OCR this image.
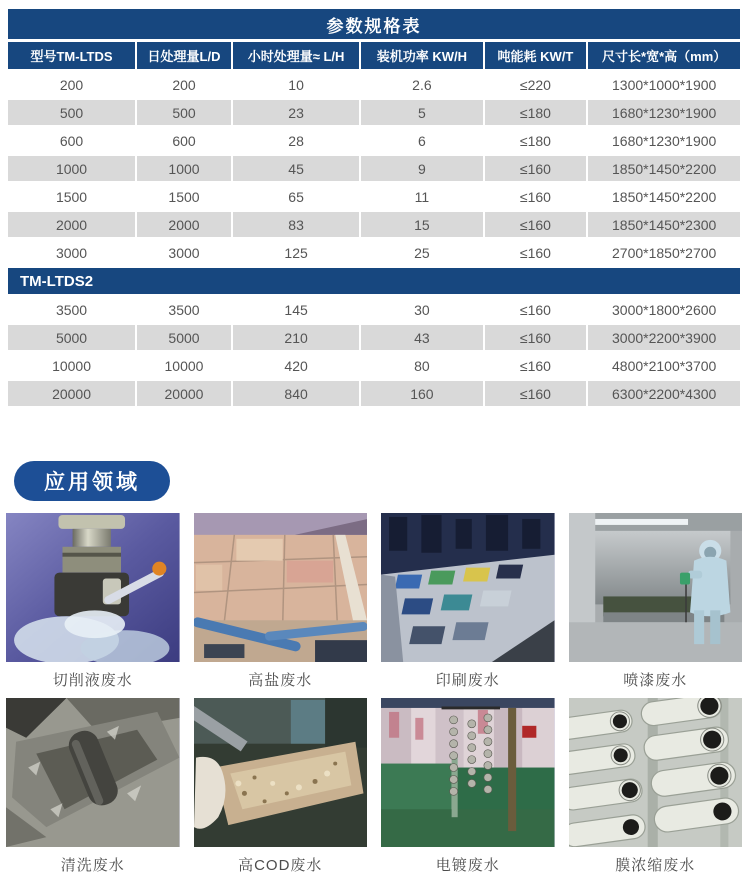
参数规格表					
型号TM-LTDS	日处理量L/D	小时处理量≈ L/H	装机功率 KW/H	吨能耗 KW/T	尺寸长*宽*高（mm）
200	200	10	2.6	≤220	1300*1000*1900
500	500	23	5	≤180	1680*1230*1900
600	600	28	6	≤180	1680*1230*1900
1000	1000	45	9	≤160	1850*1450*2200
1500	1500	65	11	≤160	1850*1450*2200
2000	2000	83	15	≤160	1850*1450*2300
3000	3000	125	25	≤160	2700*1850*2700
TM-LTDS2					
3500	3500	145	30	≤160	3000*1800*2600
5000	5000	210	43	≤160	3000*2200*3900
10000	10000	420	80	≤160	4800*2100*3700
20000	20000	840	160	≤160	6300*2200*4300
应用领域
切削液废水	高盐废水	印刷废水	喷漆废水
清洗废水	高COD废水	电镀废水	膜浓缩废水
